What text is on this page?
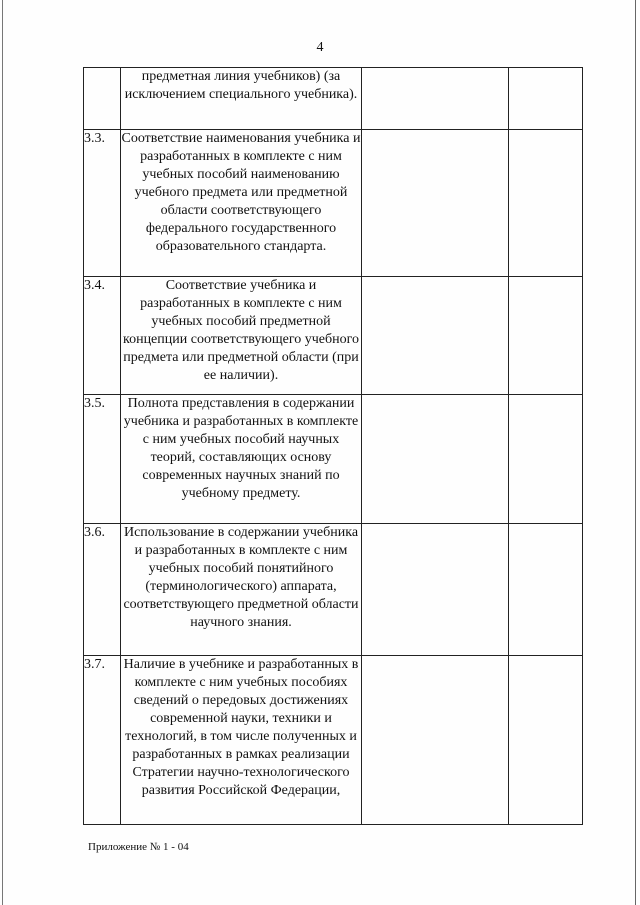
4
	предметная линия учебников) (за исключением специального учебника).		
3.3.	Соответствие наименования учебника и разработанных в комплекте с ним учебных пособий наименованию учебного предмета или предметной области соответствующего федерального государственного образовательного стандарта.		
3.4.	Соответствие учебника и разработанных в комплекте с ним учебных пособий предметной концепции соответствующего учебного предмета или предметной области (при ее наличии).		
3.5.	Полнота представления в содержании учебника и разработанных в комплекте с ним учебных пособий научных теорий, составляющих основу современных научных знаний по учебному предмету.		
3.6.	Использование в содержании учебника и разработанных в комплекте с ним учебных пособий понятийного (терминологического) аппарата, соответствующего предметной области научного знания.		
3.7.	Наличие в учебнике и разработанных в комплекте с ним учебных пособиях сведений о передовых достижениях современной науки, техники и технологий, в том числе полученных и разработанных в рамках реализации Стратегии научно-технологического развития Российской Федерации,		
Приложение № 1 - 04
